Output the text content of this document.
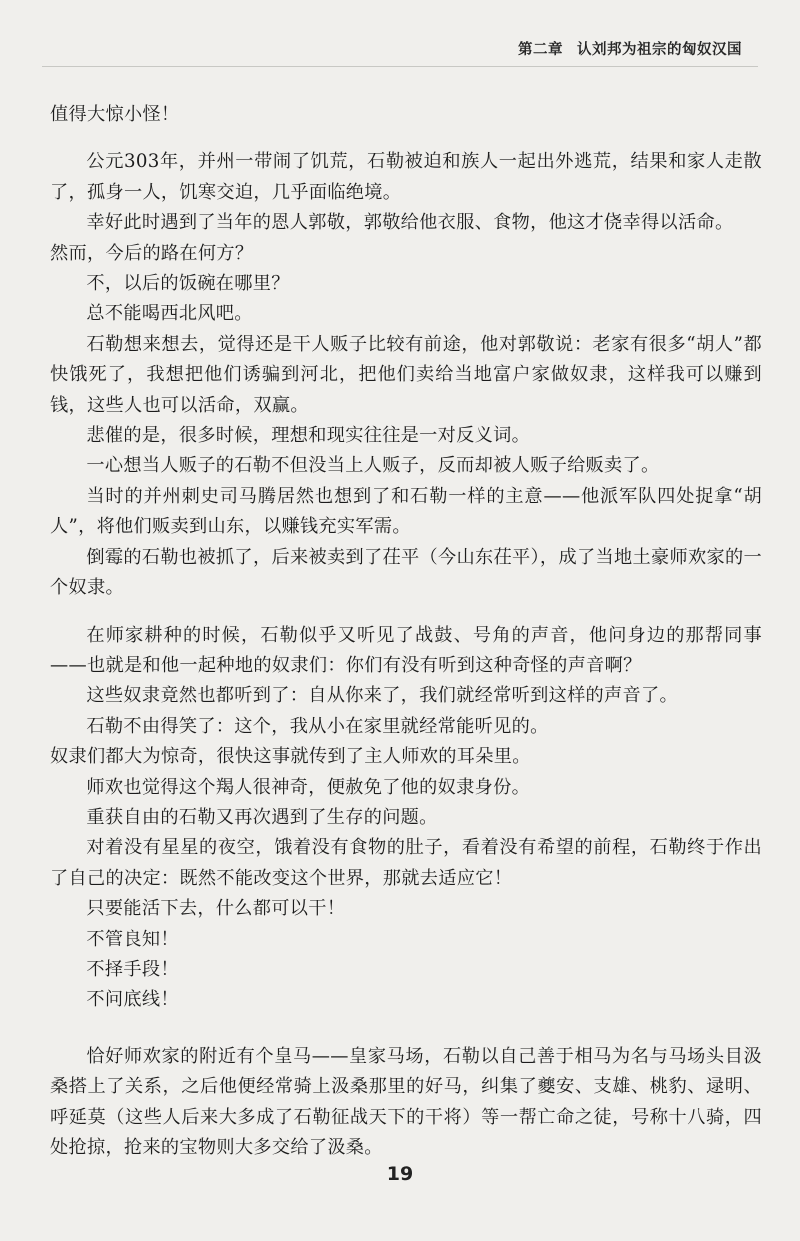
第二章 认刘邦为祖宗的匈奴汉国

值得大惊小怪！

公元303年，并州一带闹了饥荒，石勒被迫和族人一起出外逃荒，结果和家人走散了，孤身一人，饥寒交迫，几乎面临绝境。

幸好此时遇到了当年的恩人郭敬，郭敬给他衣服、食物，他这才侥幸得以活命。

然而，今后的路在何方？

不，以后的饭碗在哪里？

总不能喝西北风吧。

石勒想来想去，觉得还是干人贩子比较有前途，他对郭敬说：老家有很多“胡人”都快饿死了，我想把他们诱骗到河北，把他们卖给当地富户家做奴隶，这样我可以赚到钱，这些人也可以活命，双赢。

悲催的是，很多时候，理想和现实往往是一对反义词。

一心想当人贩子的石勒不但没当上人贩子，反而却被人贩子给贩卖了。

当时的并州刺史司马腾居然也想到了和石勒一样的主意——他派军队四处捉拿“胡人”，将他们贩卖到山东，以赚钱充实军需。

倒霉的石勒也被抓了，后来被卖到了茌平（今山东茌平），成了当地土豪师欢家的一个奴隶。

在师家耕种的时候，石勒似乎又听见了战鼓、号角的声音，他问身边的那帮同事——也就是和他一起种地的奴隶们：你们有没有听到这种奇怪的声音啊？

这些奴隶竟然也都听到了：自从你来了，我们就经常听到这样的声音了。

石勒不由得笑了：这个，我从小在家里就经常能听见的。

奴隶们都大为惊奇，很快这事就传到了主人师欢的耳朵里。

师欢也觉得这个羯人很神奇，便赦免了他的奴隶身份。

重获自由的石勒又再次遇到了生存的问题。

对着没有星星的夜空，饿着没有食物的肚子，看着没有希望的前程，石勒终于作出了自己的决定：既然不能改变这个世界，那就去适应它！

只要能活下去，什么都可以干！

不管良知！

不择手段！

不问底线！

恰好师欢家的附近有个皇马——皇家马场，石勒以自己善于相马为名与马场头目汲桑搭上了关系，之后他便经常骑上汲桑那里的好马，纠集了夔安、支雄、桃豹、逯明、呼延莫（这些人后来大多成了石勒征战天下的干将）等一帮亡命之徒，号称十八骑，四处抢掠，抢来的宝物则大多交给了汲桑。

19
